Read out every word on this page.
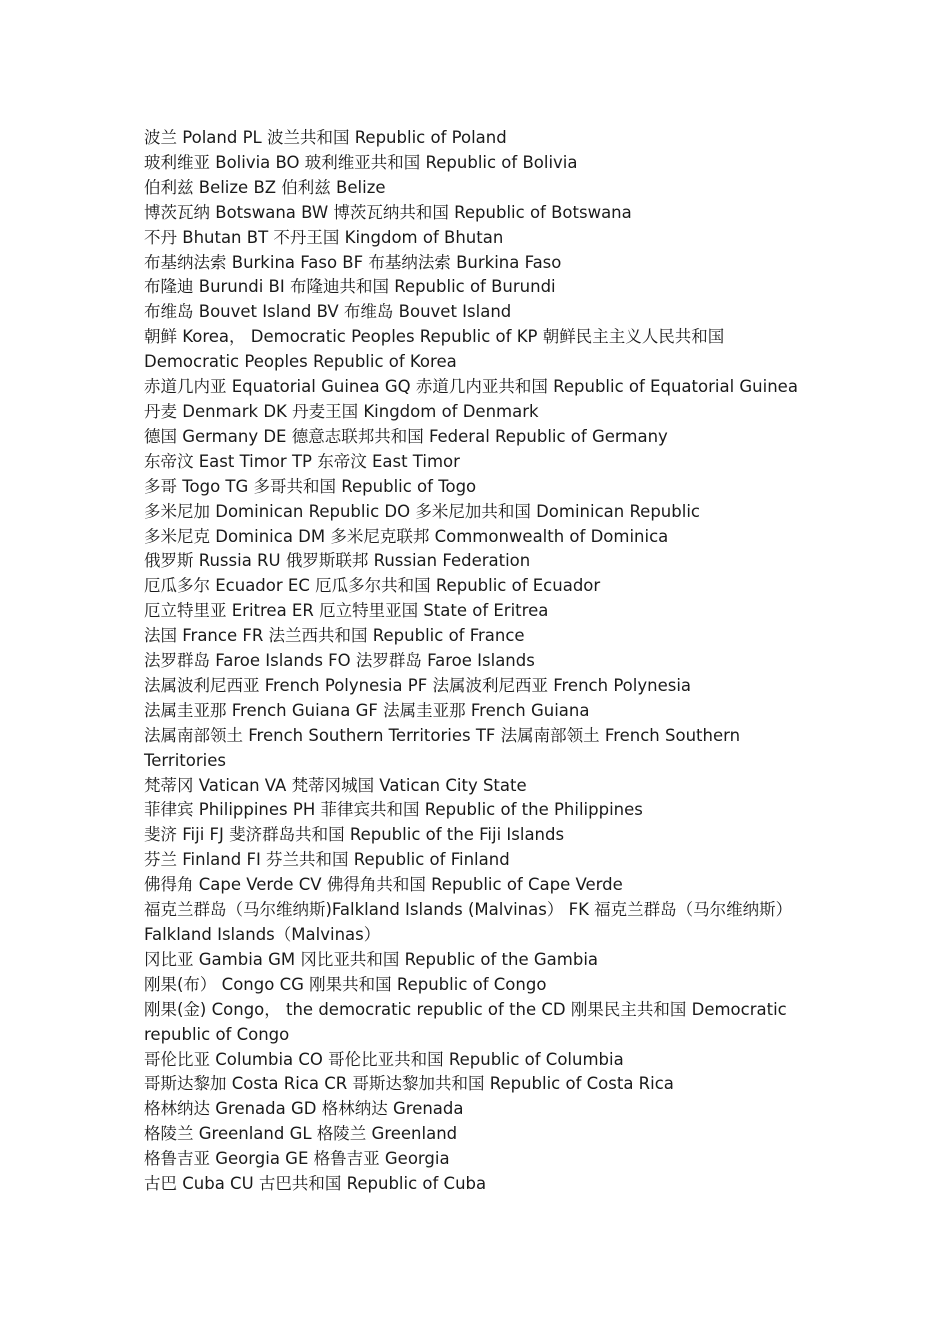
波兰 Poland PL 波兰共和国 Republic of Poland

玻利维亚 Bolivia BO 玻利维亚共和国 Republic of Bolivia

伯利兹 Belize BZ 伯利兹 Belize

博茨瓦纳 Botswana BW 博茨瓦纳共和国 Republic of Botswana

不丹 Bhutan BT 不丹王国 Kingdom of Bhutan

布基纳法索 Burkina Faso BF 布基纳法索 Burkina Faso

布隆迪 Burundi BI 布隆迪共和国 Republic of Burundi

布维岛 Bouvet Island BV 布维岛 Bouvet Island

朝鲜 Korea， Democratic Peoples Republic of KP 朝鲜民主主义人民共和国 Democratic Peoples Republic of Korea

赤道几内亚 Equatorial Guinea GQ 赤道几内亚共和国 Republic of Equatorial Guinea

丹麦 Denmark DK 丹麦王国 Kingdom of Denmark

德国 Germany DE 德意志联邦共和国 Federal Republic of Germany

东帝汶 East Timor TP 东帝汶 East Timor

多哥 Togo TG 多哥共和国 Republic of Togo

多米尼加 Dominican Republic DO 多米尼加共和国 Dominican Republic

多米尼克 Dominica DM 多米尼克联邦 Commonwealth of Dominica

俄罗斯 Russia RU 俄罗斯联邦 Russian Federation

厄瓜多尔 Ecuador EC 厄瓜多尔共和国 Republic of Ecuador

厄立特里亚 Eritrea ER 厄立特里亚国 State of Eritrea

法国 France FR 法兰西共和国 Republic of France

法罗群岛 Faroe Islands FO 法罗群岛 Faroe Islands

法属波利尼西亚 French Polynesia PF 法属波利尼西亚 French Polynesia

法属圭亚那 French Guiana GF 法属圭亚那 French Guiana

法属南部领土 French Southern Territories TF 法属南部领土 French Southern Territories

梵蒂冈 Vatican VA 梵蒂冈城国 Vatican City State

菲律宾 Philippines PH 菲律宾共和国 Republic of the Philippines

斐济 Fiji FJ 斐济群岛共和国 Republic of the Fiji Islands

芬兰 Finland FI 芬兰共和国 Republic of Finland

佛得角 Cape Verde CV 佛得角共和国 Republic of Cape Verde

福克兰群岛（马尔维纳斯)Falkland Islands (Malvinas） FK 福克兰群岛（马尔维纳斯）Falkland Islands（Malvinas）

冈比亚 Gambia GM 冈比亚共和国 Republic of the Gambia

刚果(布） Congo CG 刚果共和国 Republic of Congo

刚果(金) Congo， the democratic republic of the CD 刚果民主共和国 Democratic republic of Congo

哥伦比亚 Columbia CO 哥伦比亚共和国 Republic of Columbia

哥斯达黎加 Costa Rica CR 哥斯达黎加共和国 Republic of Costa Rica

格林纳达 Grenada GD 格林纳达 Grenada

格陵兰 Greenland GL 格陵兰 Greenland

格鲁吉亚 Georgia GE 格鲁吉亚 Georgia

古巴 Cuba CU 古巴共和国 Republic of Cuba
